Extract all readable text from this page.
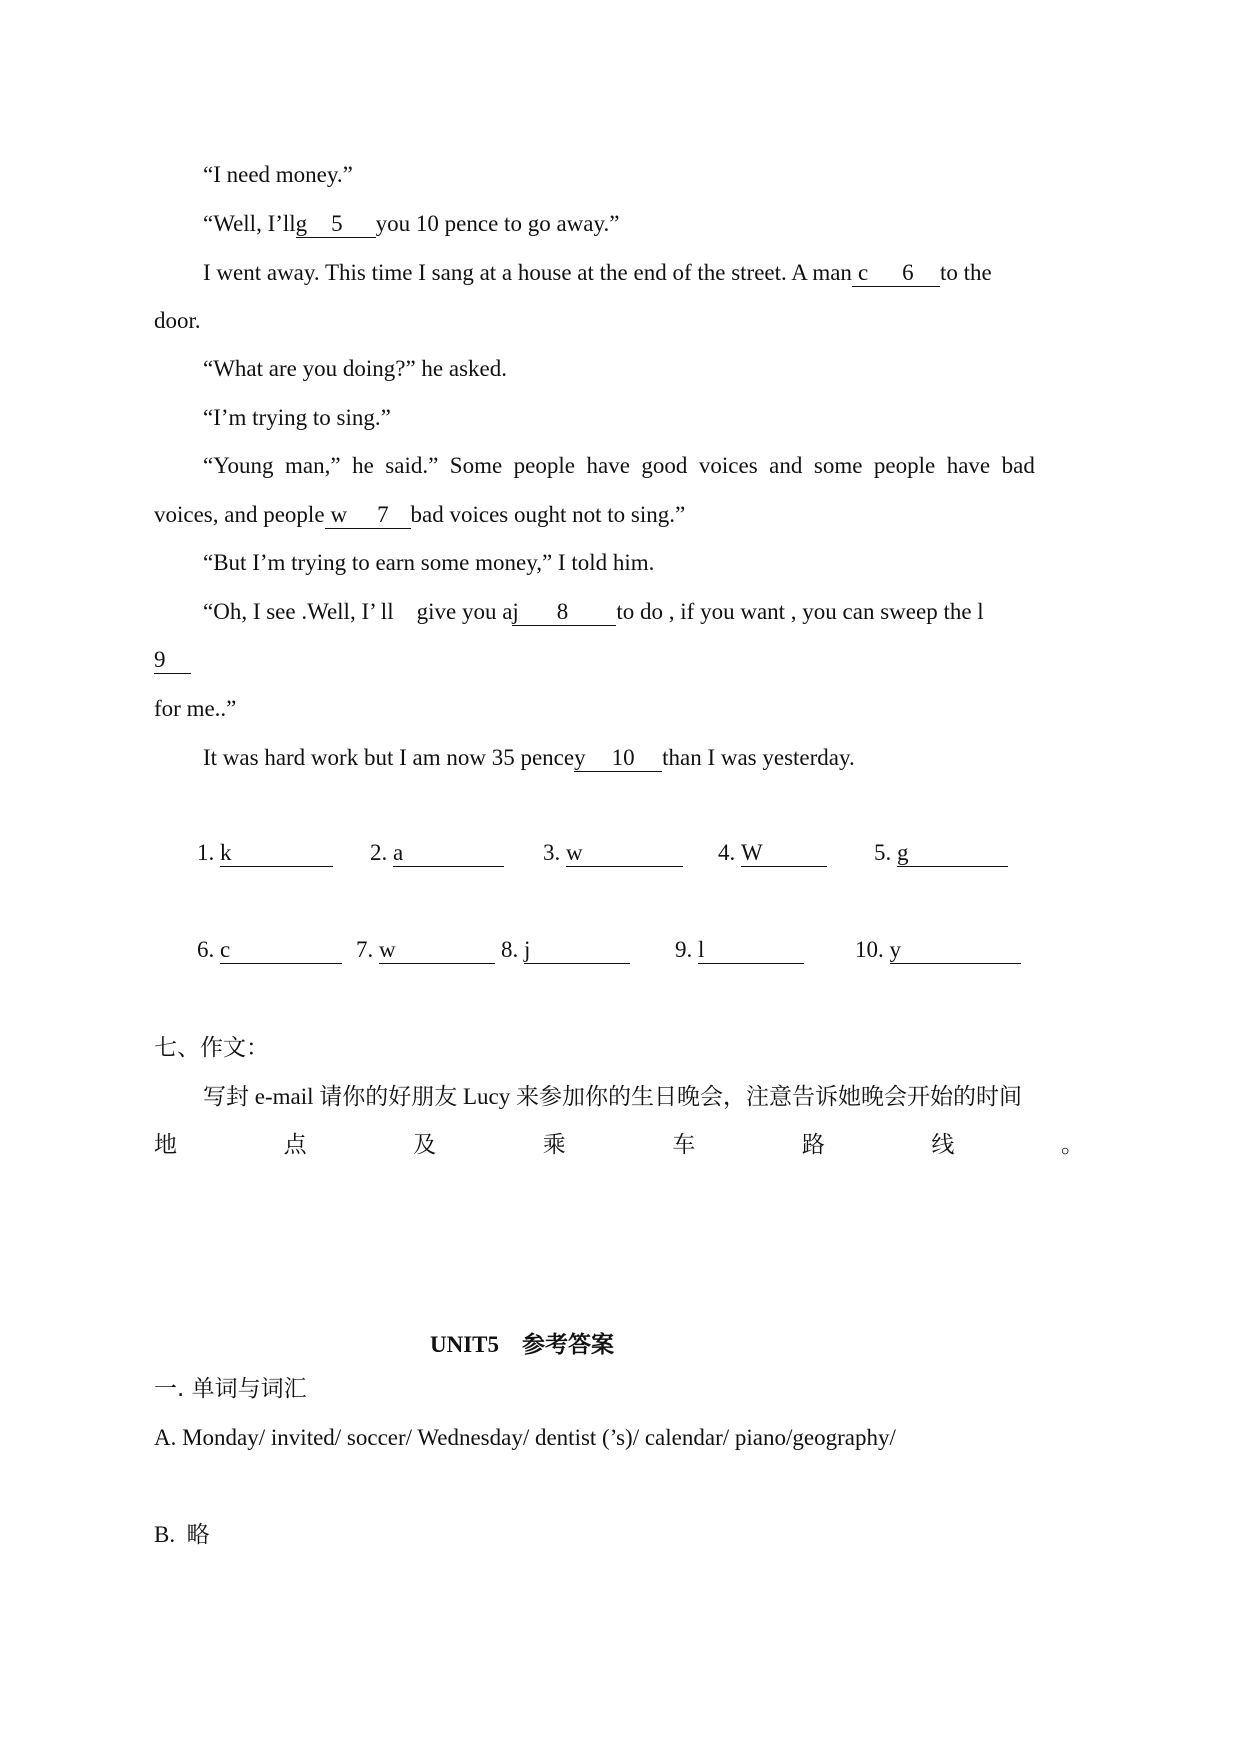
“I need money.”
“Well, I’llg 5 you 10 pence to go away.”
I went away. This time I sang at a house at the end of the street. A man c 6 to the
door.
“What are you doing?” he asked.
“I’m trying to sing.”
“Young  man,”  he  said.”  Some  people  have  good  voices  and  some  people  have  bad
voices, and people w 7 bad voices ought not to sing.”
“But I’m trying to earn some money,” I told him.
“Oh, I see .Well, I’ ll    give you aj 8 to do , if you want , you can sweep the l
9
for me..”
It was hard work but I am now 35 pencey 10 than I was yesterday.

1. k

	2. a

	3. w

	4. W

	5. g

6. c

	7. w

	8. j

	9. l

	10. y

七、作文：
写封 e-mail 请你的好朋友 Lucy 来参加你的生日晚会，注意告诉她晚会开始的时间
地	点	及	乘	车	路	线	。
UNIT5    参考答案
一. 单词与词汇
A. Monday/ invited/ soccer/ Wednesday/ dentist (’s)/ calendar/ piano/geography/
B.  略
